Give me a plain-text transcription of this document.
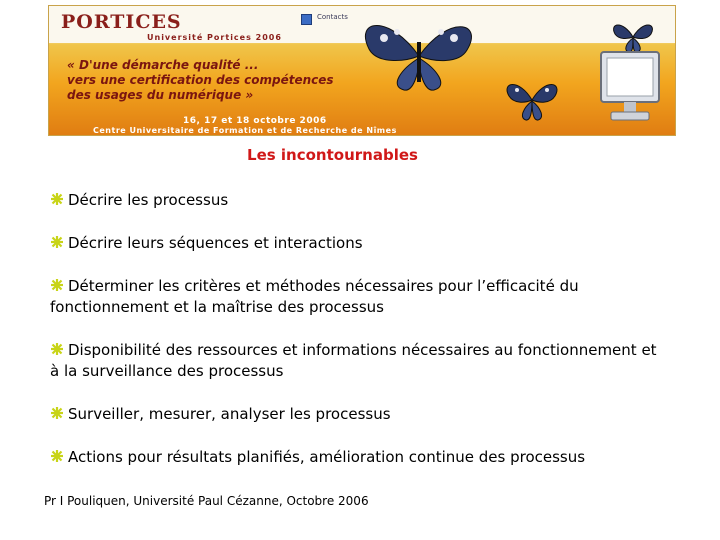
PORTICES
Université Portices 2006
Contacts
« D'une démarche qualité ...
vers une certification des compétences
des usages du numérique »
16, 17 et 18 octobre 2006
Centre Universitaire de Formation et de Recherche de Nîmes
Les incontournables
Décrire les processus
Décrire leurs séquences et interactions
Déterminer les critères et méthodes nécessaires pour l’efficacité du fonctionnement et la maîtrise des processus
Disponibilité des ressources et informations nécessaires au fonctionnement et à la surveillance des processus
Surveiller, mesurer, analyser les processus
Actions pour résultats planifiés, amélioration continue des processus
Pr I Pouliquen, Université Paul Cézanne, Octobre 2006
